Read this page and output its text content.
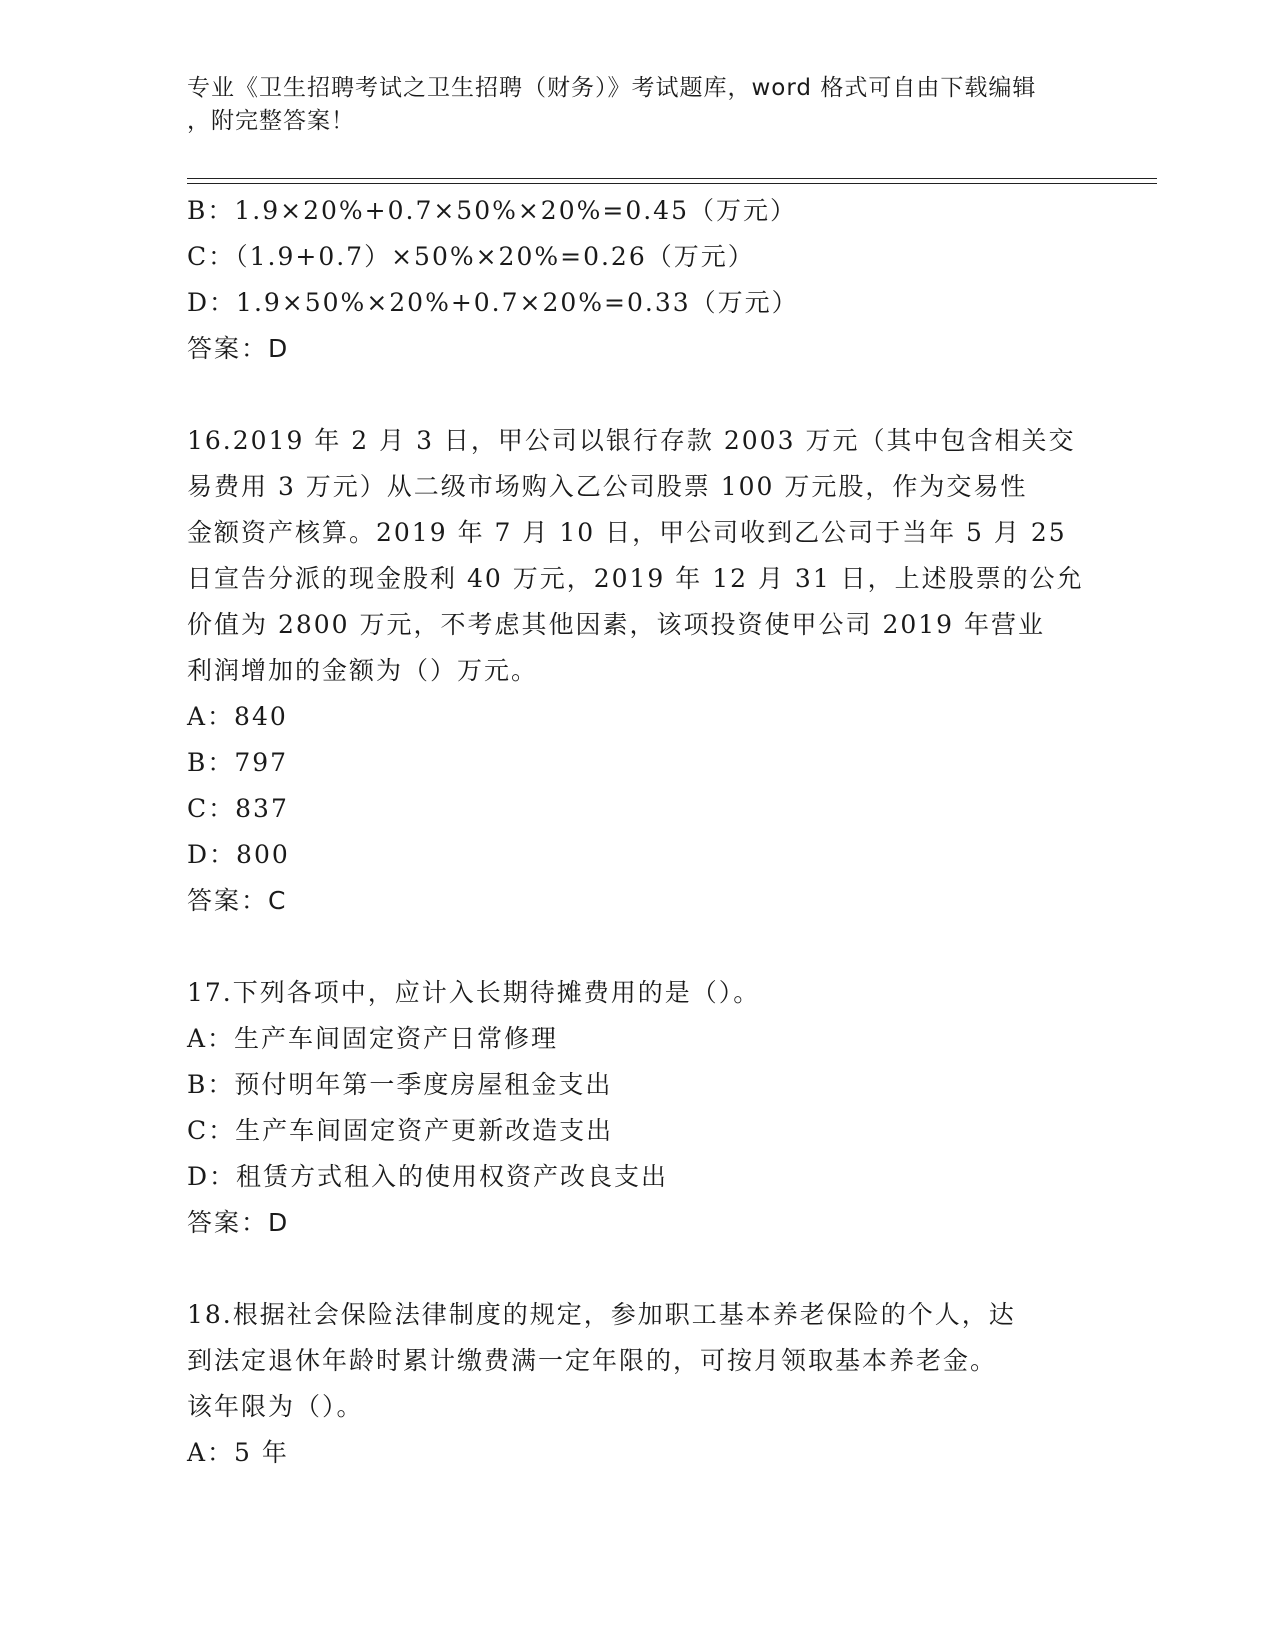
专业《卫生招聘考试之卫生招聘（财务）》考试题库，word 格式可自由下载编辑
，附完整答案！
B：1.9×20%+0.7×50%×20%=0.45（万元）
C：（1.9+0.7）×50%×20%=0.26（万元）
D：1.9×50%×20%+0.7×20%=0.33（万元）
答案：D
16.2019 年 2 月 3 日，甲公司以银行存款 2003 万元（其中包含相关交
易费用 3 万元）从二级市场购入乙公司股票 100 万元股，作为交易性
金额资产核算。2019 年 7 月 10 日，甲公司收到乙公司于当年 5 月 25
日宣告分派的现金股利 40 万元，2019 年 12 月 31 日，上述股票的公允
价值为 2800 万元，不考虑其他因素，该项投资使甲公司 2019 年营业
利润增加的金额为（）万元。
A：840
B：797
C：837
D：800
答案：C
17.下列各项中，应计入长期待摊费用的是（）。
A：生产车间固定资产日常修理
B：预付明年第一季度房屋租金支出
C：生产车间固定资产更新改造支出
D：租赁方式租入的使用权资产改良支出
答案：D
18.根据社会保险法律制度的规定，参加职工基本养老保险的个人，达
到法定退休年龄时累计缴费满一定年限的，可按月领取基本养老金。
该年限为（）。
A：5 年
